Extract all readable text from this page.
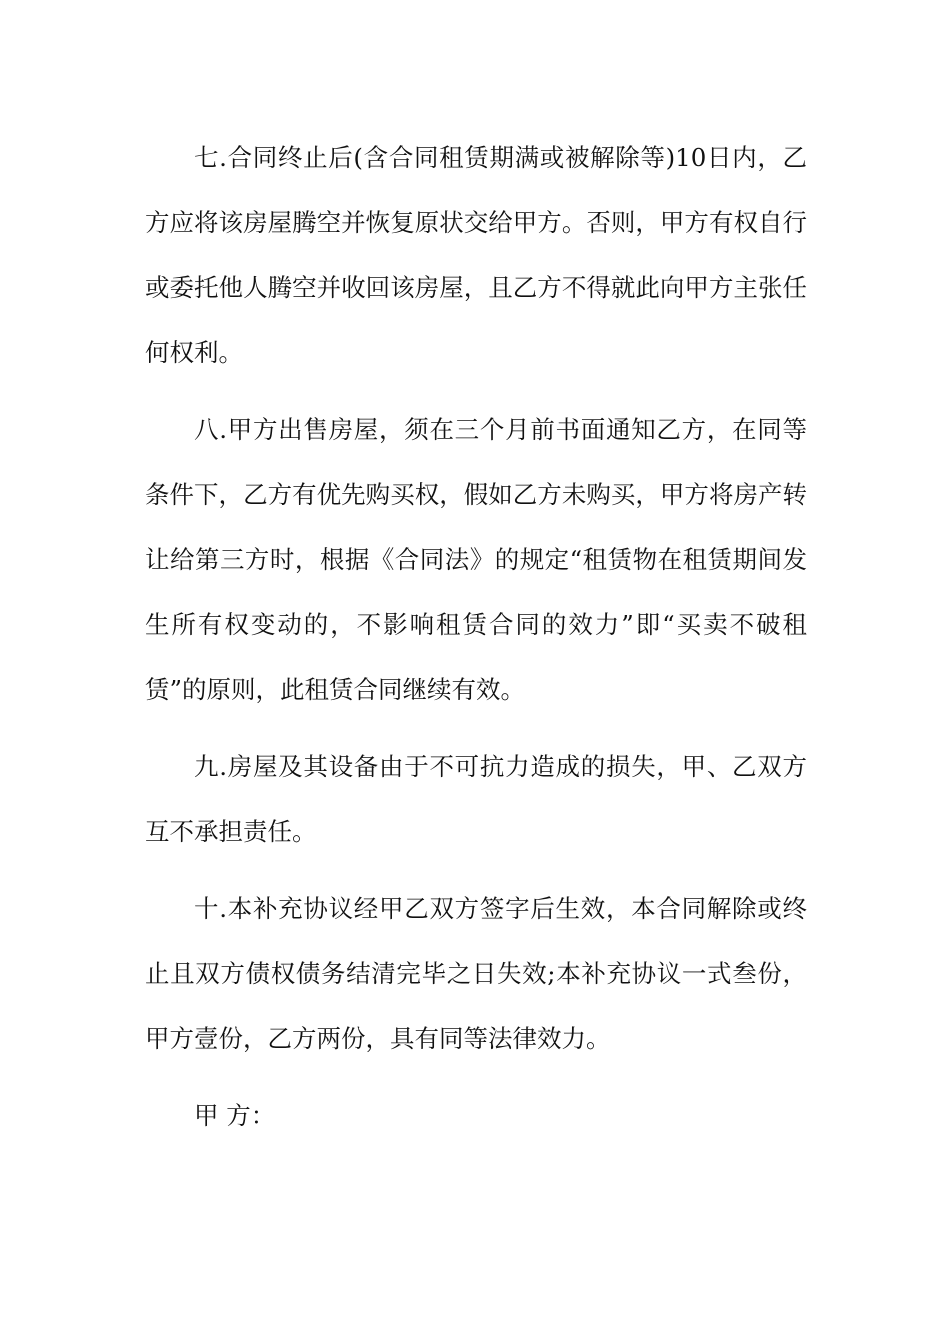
七.合同终止后(含合同租赁期满或被解除等)10日内，乙方应将该房屋腾空并恢复原状交给甲方。否则，甲方有权自行或委托他人腾空并收回该房屋，且乙方不得就此向甲方主张任何权利。

八.甲方出售房屋，须在三个月前书面通知乙方，在同等条件下，乙方有优先购买权，假如乙方未购买，甲方将房产转让给第三方时，根据《合同法》的规定“租赁物在租赁期间发生所有权变动的，不影响租赁合同的效力”即“买卖不破租赁”的原则，此租赁合同继续有效。

九.房屋及其设备由于不可抗力造成的损失，甲、乙双方互不承担责任。

十.本补充协议经甲乙双方签字后生效，本合同解除或终止且双方债权债务结清完毕之日失效;本补充协议一式叁份，甲方壹份，乙方两份，具有同等法律效力。

甲 方：
